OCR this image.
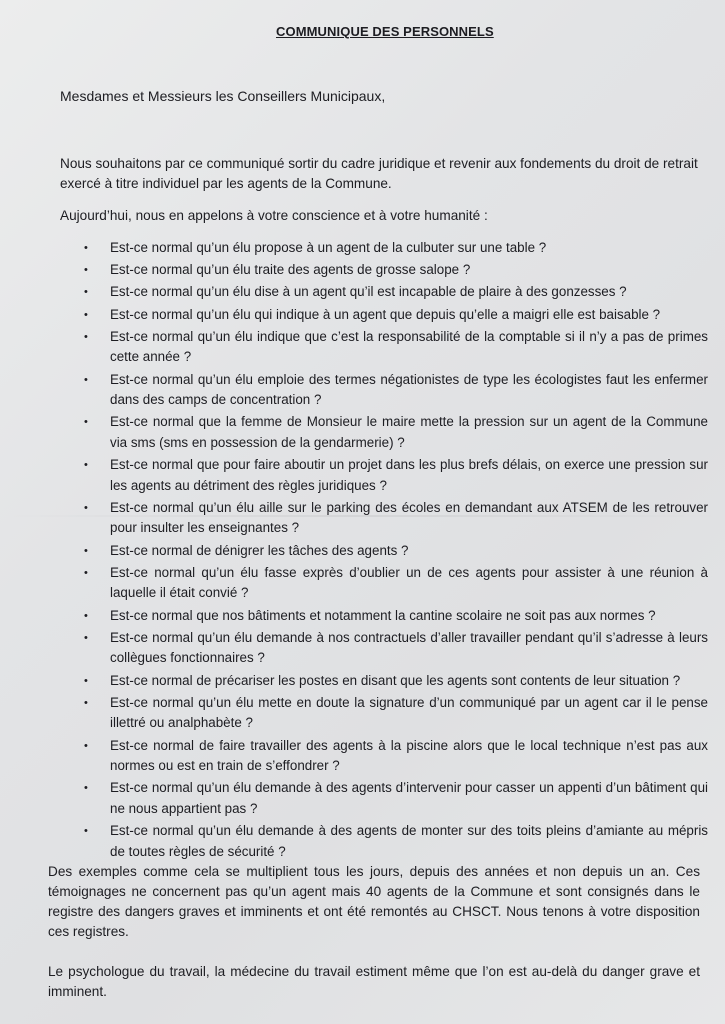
COMMUNIQUE DES PERSONNELS
Mesdames et Messieurs les Conseillers Municipaux,
Nous souhaitons par ce communiqué sortir du cadre juridique et revenir aux fondements du droit de retrait exercé à titre individuel par les agents de la Commune.
Aujourd’hui, nous en appelons à votre conscience et à votre humanité :
• Est-ce normal qu’un élu propose à un agent de la culbuter sur une table ?
• Est-ce normal qu’un élu traite des agents de grosse salope ?
• Est-ce normal qu’un élu dise à un agent qu’il est incapable de plaire à des gonzesses ?
• Est-ce normal qu’un élu qui indique à un agent que depuis qu’elle a maigri elle est baisable ?
• Est-ce normal qu’un élu indique que c’est la responsabilité de la comptable si il n’y a pas de primes cette année ?
• Est-ce normal qu’un élu emploie des termes négationistes de type les écologistes faut les enfermer dans des camps de concentration ?
• Est-ce normal que la femme de Monsieur le maire mette la pression sur un agent de la Commune via sms (sms en possession de la gendarmerie) ?
• Est-ce normal que pour faire aboutir un projet dans les plus brefs délais, on exerce une pression sur les agents au détriment des règles juridiques ?
• Est-ce normal qu’un élu aille sur le parking des écoles en demandant aux ATSEM de les retrouver pour insulter les enseignantes ?
• Est-ce normal de dénigrer les tâches des agents ?
• Est-ce normal qu’un élu fasse exprès d’oublier un de ces agents pour assister à une réunion à laquelle il était convié ?
• Est-ce normal que nos bâtiments et notamment la cantine scolaire ne soit pas aux normes ?
• Est-ce normal qu’un élu demande à nos contractuels d’aller travailler pendant qu’il s’adresse à leurs collègues fonctionnaires ?
• Est-ce normal de précariser les postes en disant que les agents sont contents de leur situation ?
• Est-ce normal qu’un élu mette en doute la signature d’un communiqué par un agent car il le pense illettré ou analphabète ?
• Est-ce normal de faire travailler des agents à la piscine alors que le local technique n’est pas aux normes ou est en train de s’effondrer ?
• Est-ce normal qu’un élu demande à des agents d’intervenir pour casser un appenti d’un bâtiment qui ne nous appartient pas ?
• Est-ce normal qu’un élu demande à des agents de monter sur des toits pleins d’amiante au mépris de toutes règles de sécurité ?
Des exemples comme cela se multiplient tous les jours, depuis des années et non depuis un an. Ces témoignages ne concernent pas qu’un agent mais 40 agents de la Commune et sont consignés dans le registre des dangers graves et imminents et ont été remontés au CHSCT. Nous tenons à votre disposition ces registres.
Le psychologue du travail, la médecine du travail estiment même que l’on est au-delà du danger grave et imminent.
